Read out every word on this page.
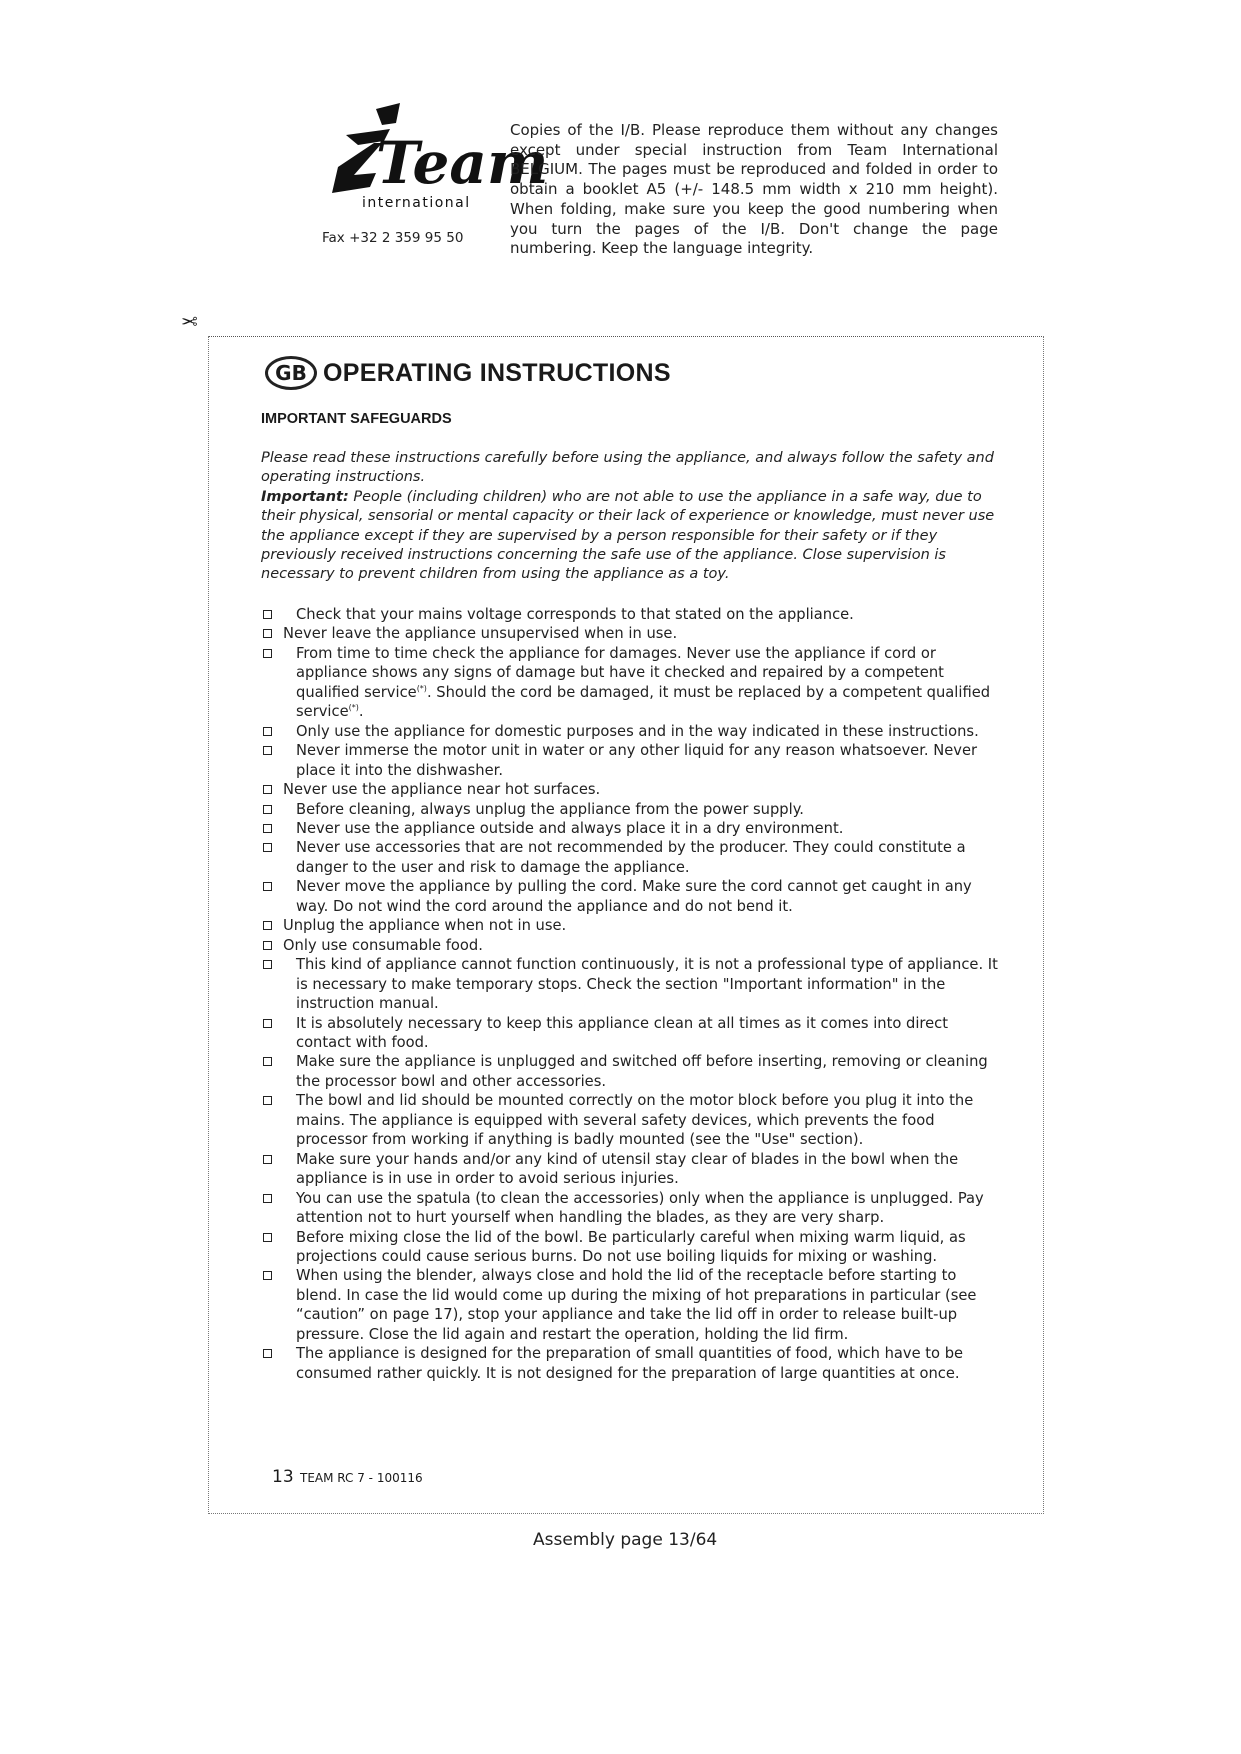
Team
international
Fax +32 2 359 95 50
Copies of the I/B. Please reproduce them without any changes except under special instruction from Team International BELGIUM. The pages must be reproduced and folded in order to obtain a booklet A5 (+/- 148.5 mm width x 210 mm height). When folding, make sure you keep the good numbering when you turn the pages of the I/B. Don't change the page numbering. Keep the language integrity.
✂
GB OPERATING INSTRUCTIONS
IMPORTANT SAFEGUARDS
Please read these instructions carefully before using the appliance, and always follow the safety and operating instructions.
Important: People (including children) who are not able to use the appliance in a safe way, due to their physical, sensorial or mental capacity or their lack of experience or knowledge, must never use the appliance except if they are supervised by a person responsible for their safety or if they previously received instructions concerning the safe use of the appliance. Close supervision is necessary to prevent children from using the appliance as a toy.
Check that your mains voltage corresponds to that stated on the appliance.
Never leave the appliance unsupervised when in use.
From time to time check the appliance for damages. Never use the appliance if cord or appliance shows any signs of damage but have it checked and repaired by a competent qualified service(*). Should the cord be damaged, it must be replaced by a competent qualified service(*).
Only use the appliance for domestic purposes and in the way indicated in these instructions.
Never immerse the motor unit in water or any other liquid for any reason whatsoever. Never place it into the dishwasher.
Never use the appliance near hot surfaces.
Before cleaning, always unplug the appliance from the power supply.
Never use the appliance outside and always place it in a dry environment.
Never use accessories that are not recommended by the producer. They could constitute a danger to the user and risk to damage the appliance.
Never move the appliance by pulling the cord. Make sure the cord cannot get caught in any way. Do not wind the cord around the appliance and do not bend it.
Unplug the appliance when not in use.
Only use consumable food.
This kind of appliance cannot function continuously, it is not a professional type of appliance. It is necessary to make temporary stops. Check the section "Important information" in the instruction manual.
It is absolutely necessary to keep this appliance clean at all times as it comes into direct contact with food.
Make sure the appliance is unplugged and switched off before inserting, removing or cleaning the processor bowl and other accessories.
The bowl and lid should be mounted correctly on the motor block before you plug it into the mains. The appliance is equipped with several safety devices, which prevents the food processor from working if anything is badly mounted (see the "Use" section).
Make sure your hands and/or any kind of utensil stay clear of blades in the bowl when the appliance is in use in order to avoid serious injuries.
You can use the spatula (to clean the accessories) only when the appliance is unplugged. Pay attention not to hurt yourself when handling the blades, as they are very sharp.
Before mixing close the lid of the bowl. Be particularly careful when mixing warm liquid, as projections could cause serious burns. Do not use boiling liquids for mixing or washing.
When using the blender, always close and hold the lid of the receptacle before starting to blend. In case the lid would come up during the mixing of hot preparations in particular (see “caution” on page 17), stop your appliance and take the lid off in order to release built-up pressure. Close the lid again and restart the operation, holding the lid firm.
The appliance is designed for the preparation of small quantities of food, which have to be consumed rather quickly. It is not designed for the preparation of large quantities at once.
13 TEAM RC 7 - 100116
Assembly page 13/64
